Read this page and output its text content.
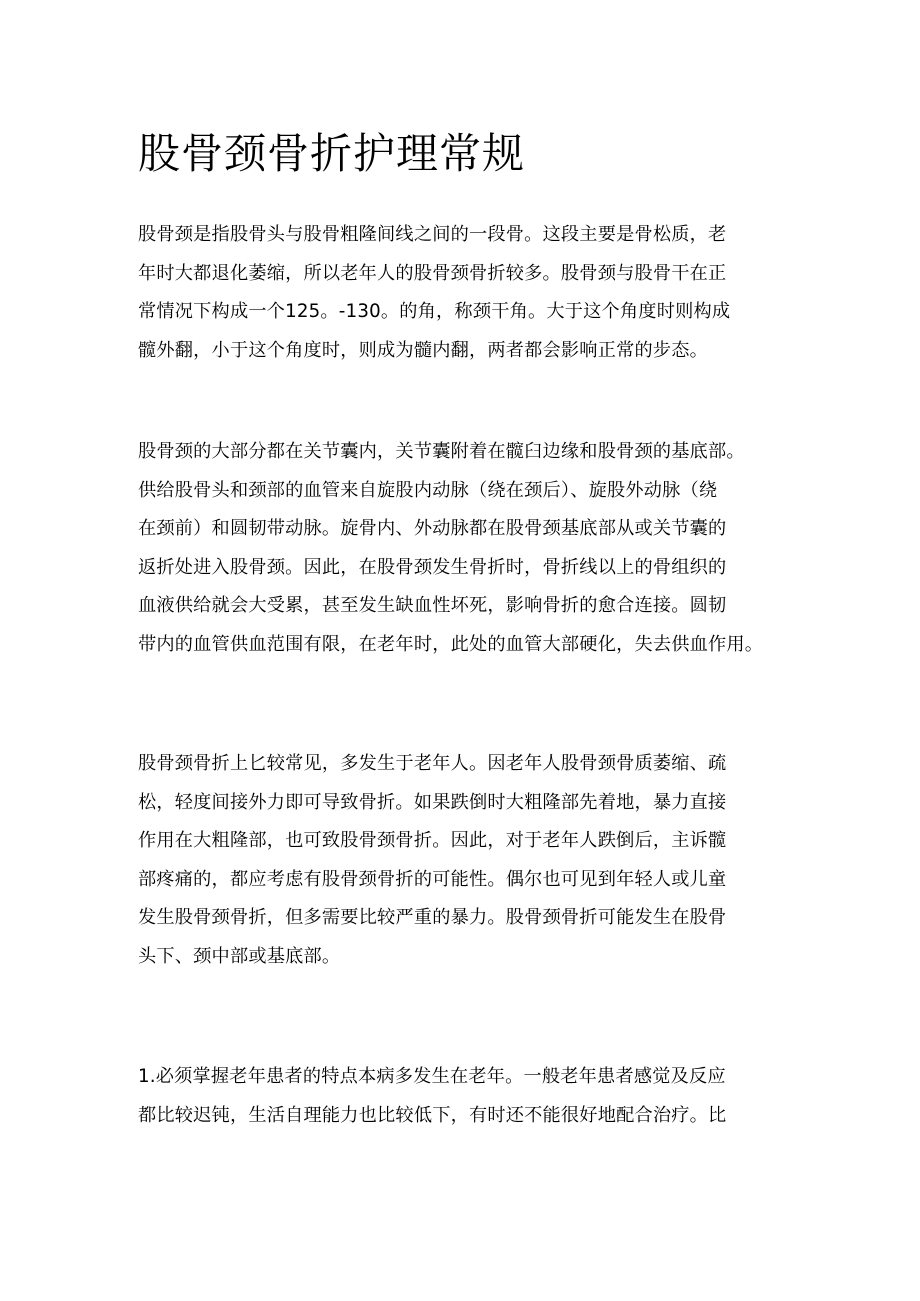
股骨颈骨折护理常规
股骨颈是指股骨头与股骨粗隆间线之间的一段骨。这段主要是骨松质，老
年时大都退化萎缩，所以老年人的股骨颈骨折较多。股骨颈与股骨干在正
常情况下构成一个125。-130。的角，称颈干角。大于这个角度时则构成
髋外翻，小于这个角度时，则成为髓内翻，两者都会影响正常的步态。
股骨颈的大部分都在关节囊内，关节囊附着在髋臼边缘和股骨颈的基底部。
供给股骨头和颈部的血管来自旋股内动脉（绕在颈后）、旋股外动脉（绕
在颈前）和圆韧带动脉。旋骨内、外动脉都在股骨颈基底部从或关节囊的
返折处进入股骨颈。因此，在股骨颈发生骨折时，骨折线以上的骨组织的
血液供给就会大受累，甚至发生缺血性坏死，影响骨折的愈合连接。圆韧
带内的血管供血范围有限，在老年时，此处的血管大部硬化，失去供血作用。
股骨颈骨折上匕较常见，多发生于老年人。因老年人股骨颈骨质萎缩、疏
松，轻度间接外力即可导致骨折。如果跌倒时大粗隆部先着地，暴力直接
作用在大粗隆部，也可致股骨颈骨折。因此，对于老年人跌倒后，主诉髋
部疼痛的，都应考虑有股骨颈骨折的可能性。偶尔也可见到年轻人或儿童
发生股骨颈骨折，但多需要比较严重的暴力。股骨颈骨折可能发生在股骨
头下、颈中部或基底部。
1.必须掌握老年患者的特点本病多发生在老年。一般老年患者感觉及反应
都比较迟钝，生活自理能力也比较低下，有时还不能很好地配合治疗。比
